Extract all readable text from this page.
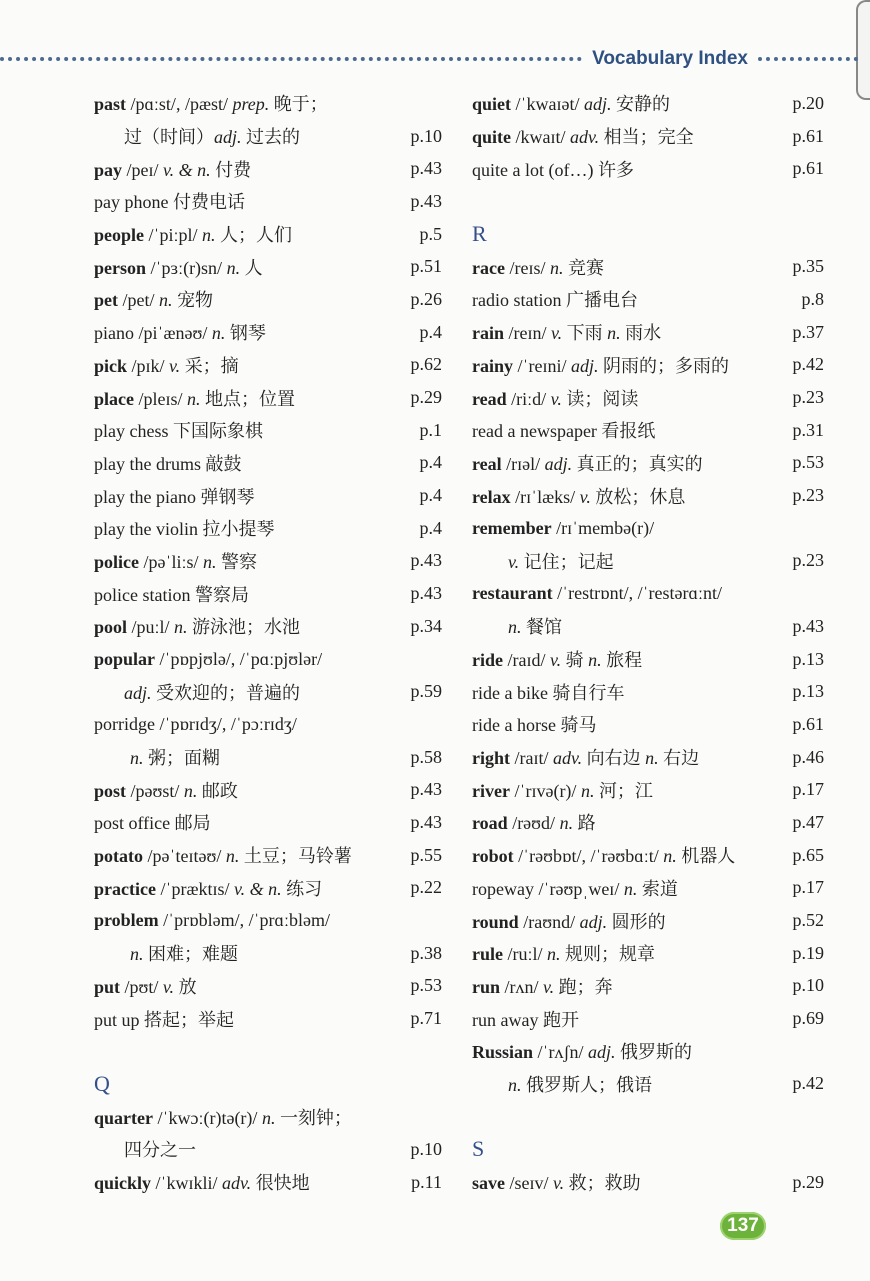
Vocabulary Index
past /pɑːst/, /pæst/ prep. 晚于；
过（时间）adj. 过去的	p.10
pay /peɪ/ v. & n. 付费	p.43
pay phone 付费电话	p.43
people /ˈpiːpl/ n. 人；人们	p.5
person /ˈpɜː(r)sn/ n. 人	p.51
pet /pet/ n. 宠物	p.26
piano /piˈænəʊ/ n. 钢琴	p.4
pick /pɪk/ v. 采；摘	p.62
place /pleɪs/ n. 地点；位置	p.29
play chess 下国际象棋	p.1
play the drums 敲鼓	p.4
play the piano 弹钢琴	p.4
play the violin 拉小提琴	p.4
police /pəˈliːs/ n. 警察	p.43
police station 警察局	p.43
pool /puːl/ n. 游泳池；水池	p.34
popular /ˈpɒpjʊlə/, /ˈpɑːpjʊlər/
adj. 受欢迎的；普遍的	p.59
porridge /ˈpɒrɪdʒ/, /ˈpɔːrɪdʒ/
n. 粥；面糊	p.58
post /pəʊst/ n. 邮政	p.43
post office 邮局	p.43
potato /pəˈteɪtəʊ/ n. 土豆；马铃薯	p.55
practice /ˈpræktɪs/ v. & n. 练习	p.22
problem /ˈprɒbləm/, /ˈprɑːbləm/
n. 困难；难题	p.38
put /pʊt/ v. 放	p.53
put up 搭起；举起	p.71
Q
quarter /ˈkwɔː(r)tə(r)/ n. 一刻钟；
四分之一	p.10
quickly /ˈkwɪkli/ adv. 很快地	p.11
quiet /ˈkwaɪət/ adj. 安静的	p.20
quite /kwaɪt/ adv. 相当；完全	p.61
quite a lot (of…) 许多	p.61
R
race /reɪs/ n. 竞赛	p.35
radio station 广播电台	p.8
rain /reɪn/ v. 下雨 n. 雨水	p.37
rainy /ˈreɪni/ adj. 阴雨的；多雨的	p.42
read /riːd/ v. 读；阅读	p.23
read a newspaper 看报纸	p.31
real /rɪəl/ adj. 真正的；真实的	p.53
relax /rɪˈlæks/ v. 放松；休息	p.23
remember /rɪˈmembə(r)/
v. 记住；记起	p.23
restaurant /ˈrestrɒnt/, /ˈrestərɑːnt/
n. 餐馆	p.43
ride /raɪd/ v. 骑 n. 旅程	p.13
ride a bike 骑自行车	p.13
ride a horse 骑马	p.61
right /raɪt/ adv. 向右边 n. 右边	p.46
river /ˈrɪvə(r)/ n. 河；江	p.17
road /rəʊd/ n. 路	p.47
robot /ˈrəʊbɒt/, /ˈrəʊbɑːt/ n. 机器人	p.65
ropeway /ˈrəʊpˌweɪ/ n. 索道	p.17
round /raʊnd/ adj. 圆形的	p.52
rule /ruːl/ n. 规则；规章	p.19
run /rʌn/ v. 跑；奔	p.10
run away 跑开	p.69
Russian /ˈrʌʃn/ adj. 俄罗斯的
n. 俄罗斯人；俄语	p.42
S
save /seɪv/ v. 救；救助	p.29
137
